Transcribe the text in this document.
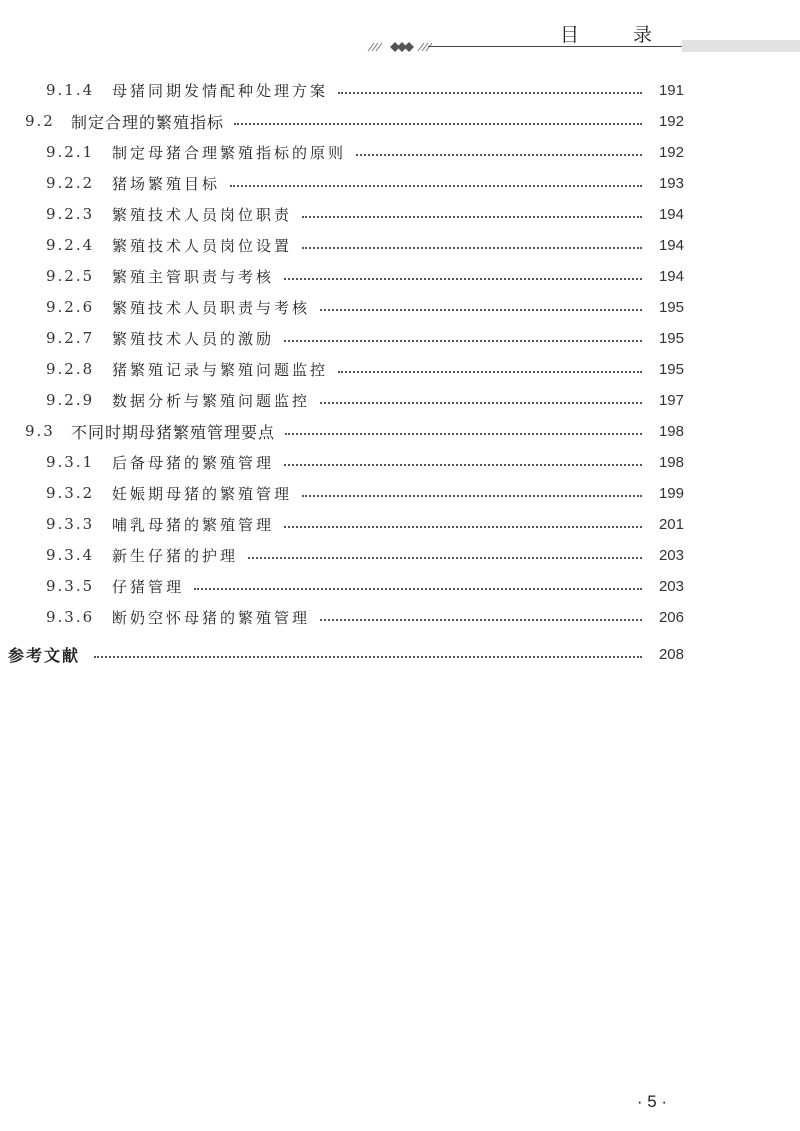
目 录
9.1.4	母猪同期发情配种处理方案	191
9.2	制定合理的繁殖指标	192
9.2.1	制定母猪合理繁殖指标的原则	192
9.2.2	猪场繁殖目标	193
9.2.3	繁殖技术人员岗位职责	194
9.2.4	繁殖技术人员岗位设置	194
9.2.5	繁殖主管职责与考核	194
9.2.6	繁殖技术人员职责与考核	195
9.2.7	繁殖技术人员的激励	195
9.2.8	猪繁殖记录与繁殖问题监控	195
9.2.9	数据分析与繁殖问题监控	197
9.3	不同时期母猪繁殖管理要点	198
9.3.1	后备母猪的繁殖管理	198
9.3.2	妊娠期母猪的繁殖管理	199
9.3.3	哺乳母猪的繁殖管理	201
9.3.4	新生仔猪的护理	203
9.3.5	仔猪管理	203
9.3.6	断奶空怀母猪的繁殖管理	206
参考文献	208
· 5 ·
